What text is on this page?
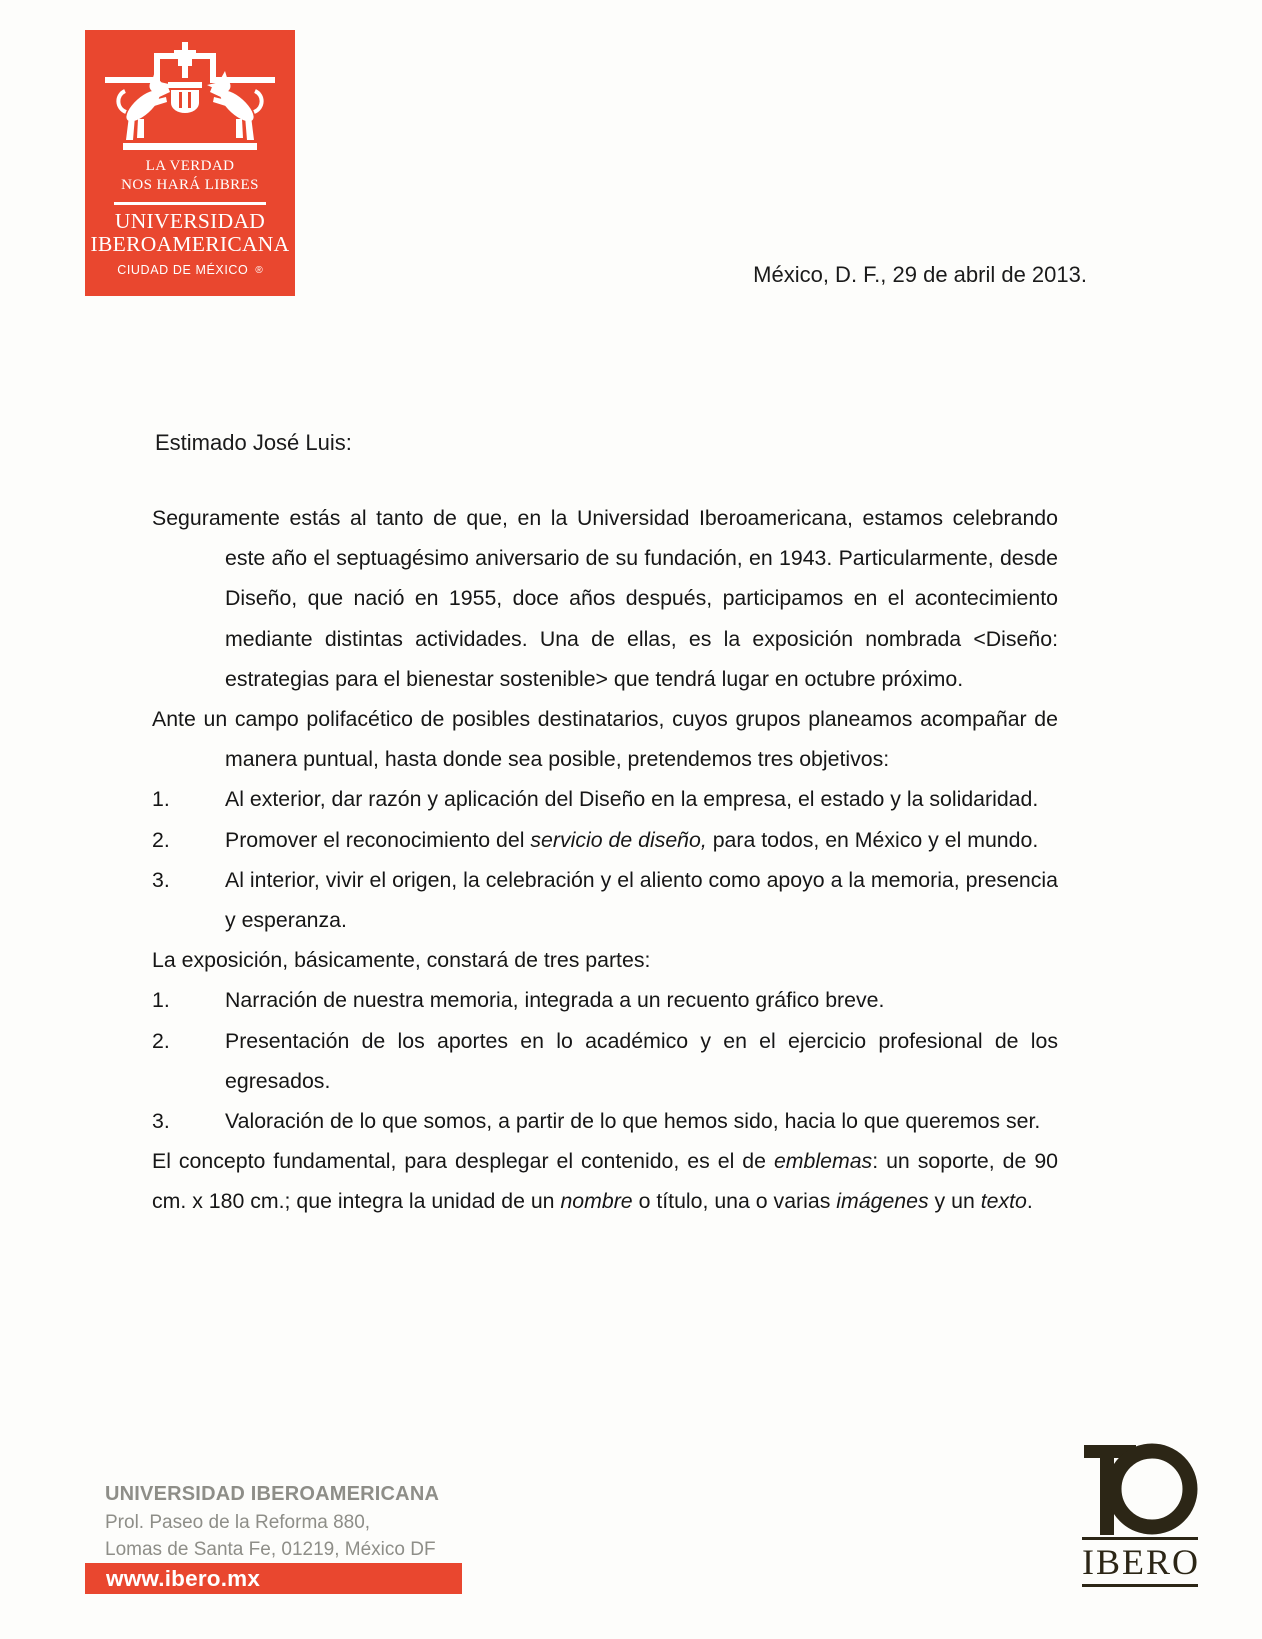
LA VERDAD
NOS HARÁ LIBRES
UNIVERSIDAD
IBEROAMERICANA
CIUDAD DE MÉXICO ®	México, D. F., 29 de abril de 2013.
Estimado José Luis:
Seguramente estás al tanto de que, en la Universidad Iberoamericana, estamos celebrando este año el septuagésimo aniversario de su fundación, en 1943. Particularmente, desde Diseño, que nació en 1955, doce años después, participamos en el acontecimiento mediante distintas actividades. Una de ellas, es la exposición nombrada <Diseño: estrategias para el bienestar sostenible> que tendrá lugar en octubre próximo.
Ante un campo polifacético de posibles destinatarios, cuyos grupos planeamos acompañar de manera puntual, hasta donde sea posible, pretendemos tres objetivos:
1.	Al exterior, dar razón y aplicación del Diseño en la empresa, el estado y la solidaridad.
2.	Promover el reconocimiento del servicio de diseño, para todos, en México y el mundo.
3.	Al interior, vivir el origen, la celebración y el aliento como apoyo a la memoria, presencia y esperanza.
La exposición, básicamente, constará de tres partes:
1.	Narración de nuestra memoria, integrada a un recuento gráfico breve.
2.	Presentación de los aportes en lo académico y en el ejercicio profesional de los egresados.
3.	Valoración de lo que somos, a partir de lo que hemos sido, hacia lo que queremos ser.
El concepto fundamental, para desplegar el contenido, es el de emblemas: un soporte, de 90 cm. x 180 cm.; que integra la unidad de un nombre o título, una o varias imágenes y un texto.
UNIVERSIDAD IBEROAMERICANA
Prol. Paseo de la Reforma 880,
Lomas de Santa Fe, 01219, México DF
www.ibero.mx	IBERO
